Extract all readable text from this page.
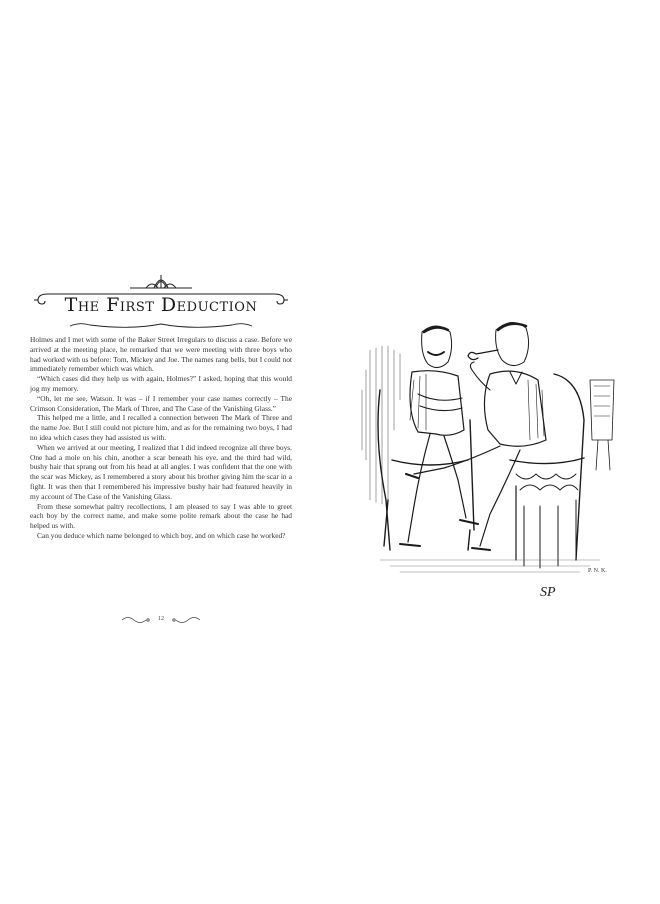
The First Deduction

Holmes and I met with some of the Baker Street Irregulars to discuss a case. Before we arrived at the meeting place, he remarked that we were meeting with three boys who had worked with us before: Tom, Mickey and Joe. The names rang bells, but I could not immediately remember which was which.

“Which cases did they help us with again, Holmes?” I asked, hoping that this would jog my memory.

“Oh, let me see, Watson. It was – if I remember your case names correctly – The Crimson Consideration, The Mark of Three, and The Case of the Vanishing Glass.”

This helped me a little, and I recalled a connection between The Mark of Three and the name Joe. But I still could not picture him, and as for the remaining two boys, I had no idea which cases they had assisted us with.

When we arrived at our meeting, I realized that I did indeed recognize all three boys. One had a mole on his chin, another a scar beneath his eye, and the third had wild, bushy hair that sprang out from his head at all angles. I was confident that the one with the scar was Mickey, as I remembered a story about his brother giving him the scar in a fight. It was then that I remembered his impressive bushy hair had featured heavily in my account of The Case of the Vanishing Glass.

From these somewhat paltry recollections, I am pleased to say I was able to greet each boy by the correct name, and make some polite remark about the case he had helped us with.

Can you deduce which name belonged to which boy, and on which case he worked?

12
SP
P. N. K.
